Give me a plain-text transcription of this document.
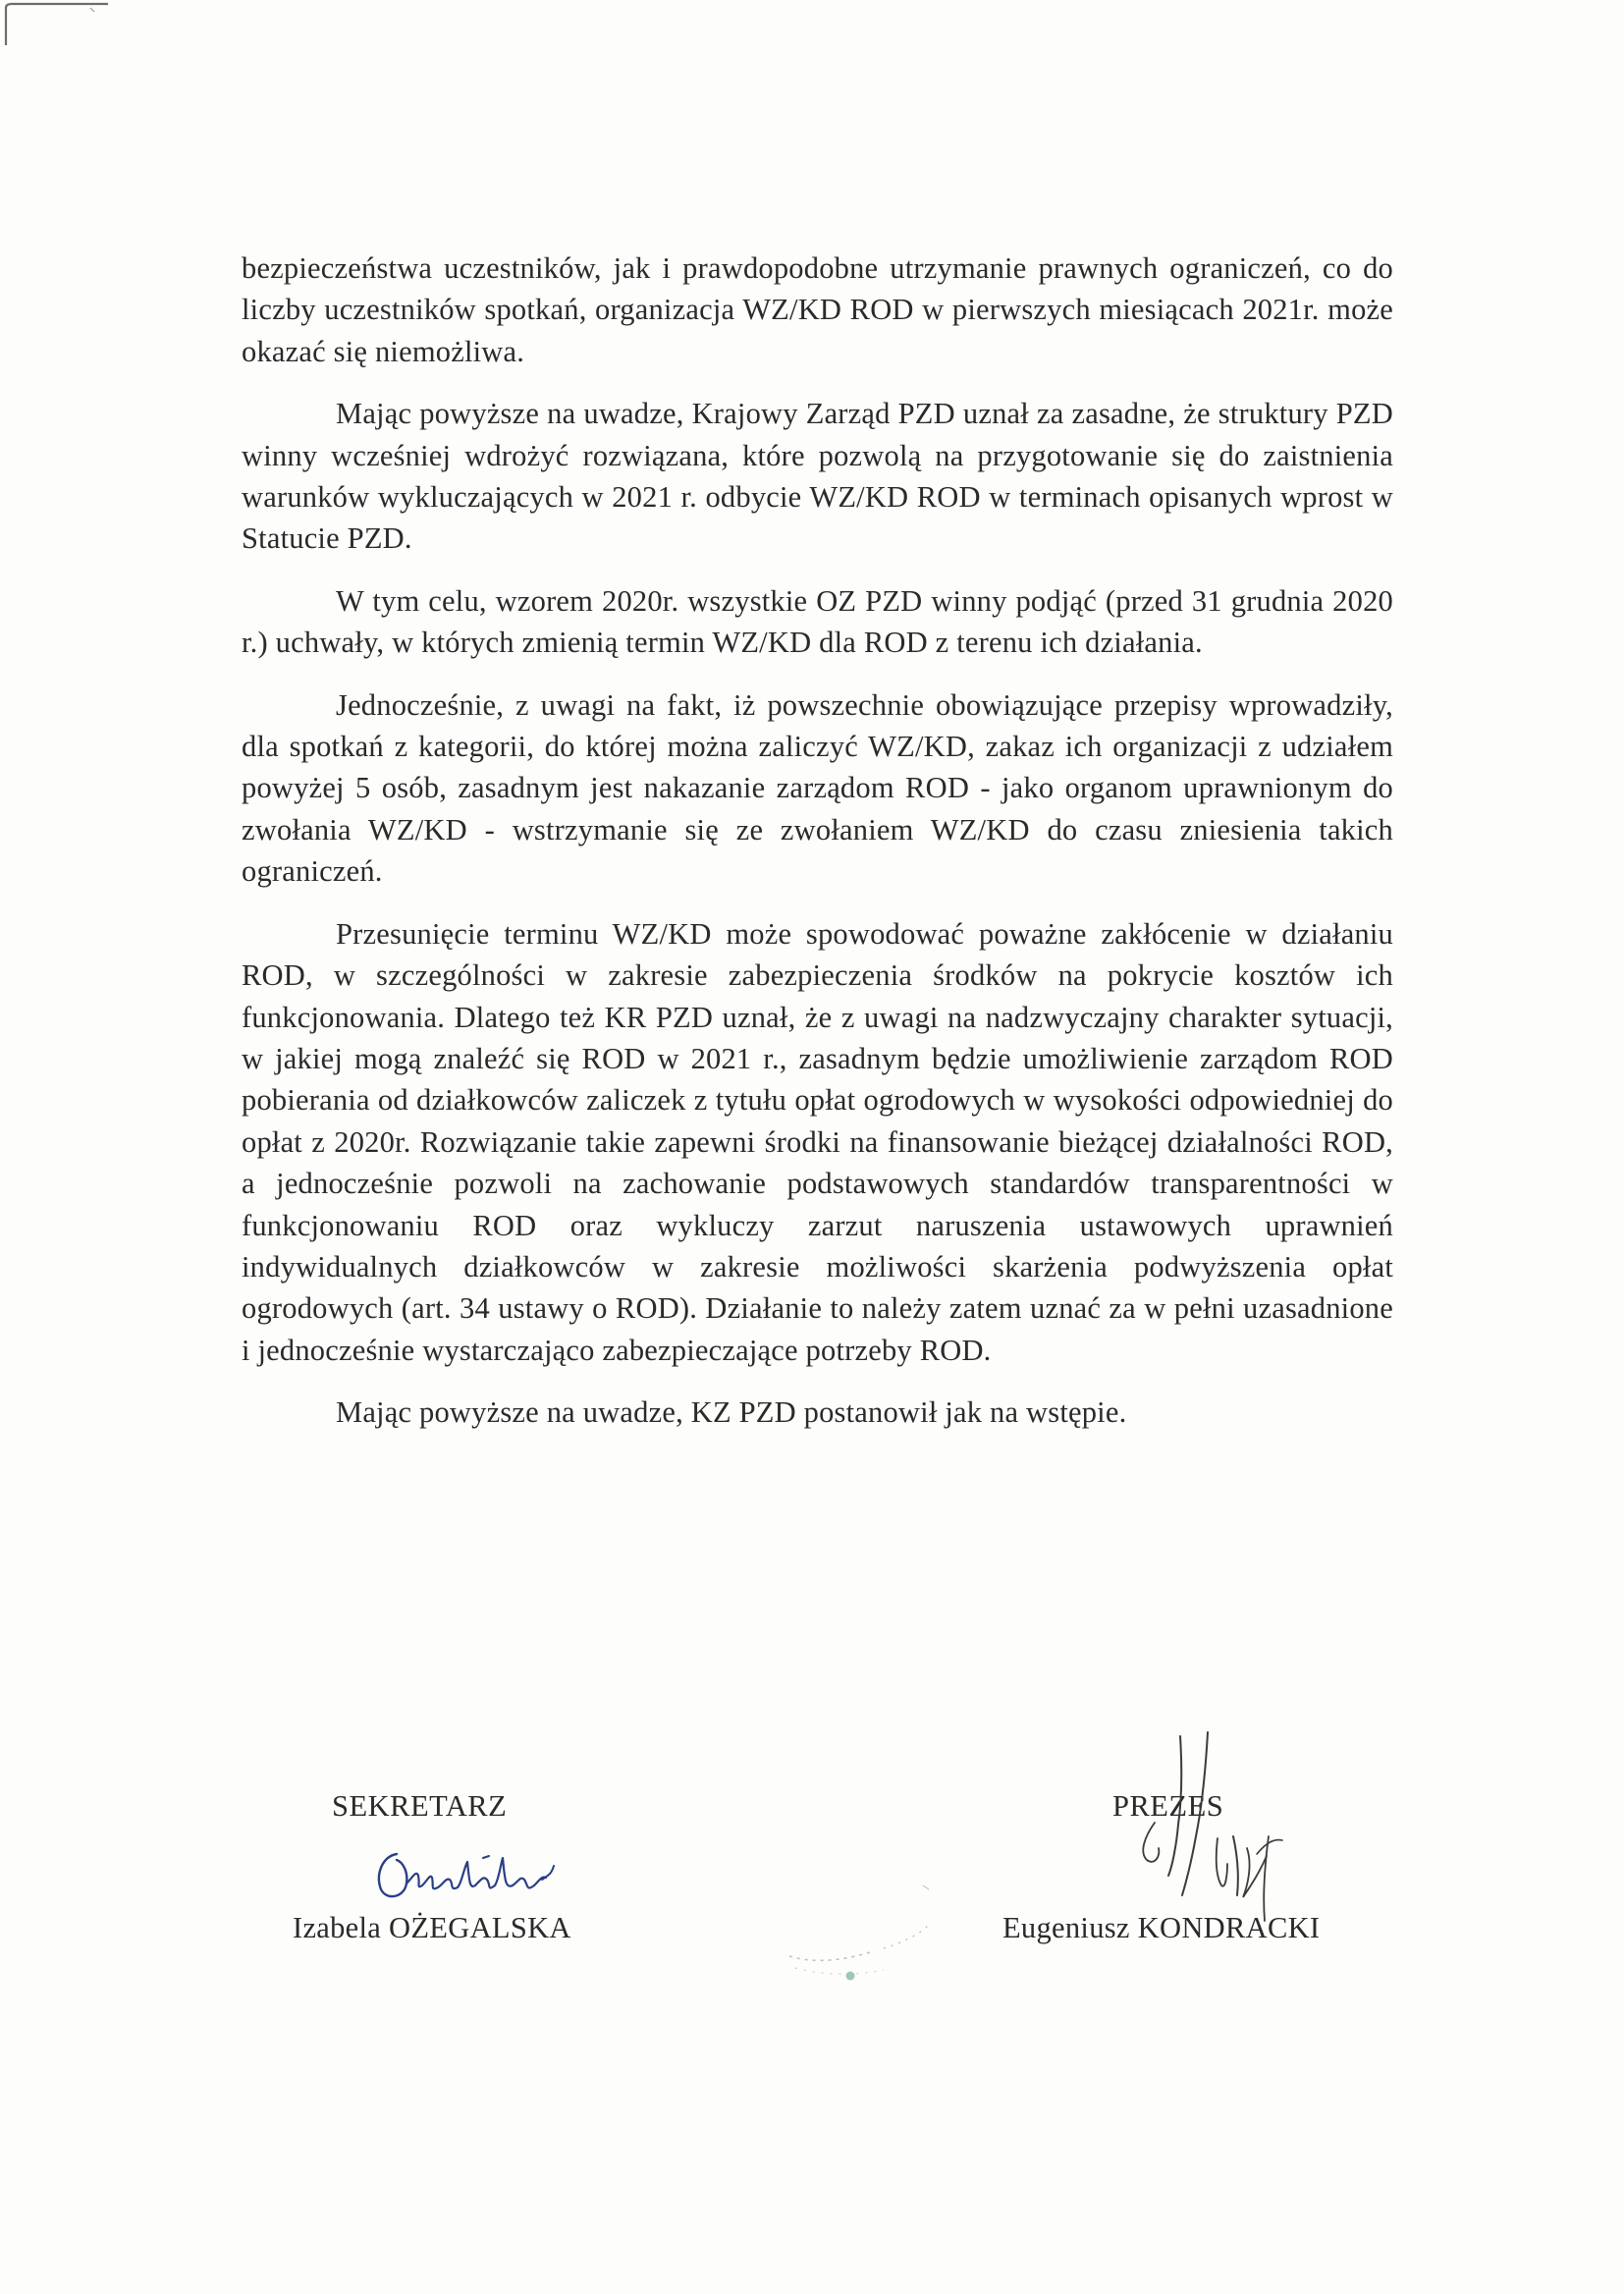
bezpieczeństwa uczestników, jak i prawdopodobne utrzymanie prawnych ograniczeń, co do liczby uczestników spotkań, organizacja WZ/KD ROD w pierwszych miesiącach 2021r. może okazać się niemożliwa.

Mając powyższe na uwadze, Krajowy Zarząd PZD uznał za zasadne, że struktury PZD winny wcześniej wdrożyć rozwiązana, które pozwolą na przygotowanie się do zaistnienia warunków wykluczających w 2021 r. odbycie WZ/KD ROD w terminach opisanych wprost w Statucie PZD.

W tym celu, wzorem 2020r. wszystkie OZ PZD winny podjąć (przed 31 grudnia 2020 r.) uchwały, w których zmienią termin WZ/KD dla ROD z terenu ich działania.

Jednocześnie, z uwagi na fakt, iż powszechnie obowiązujące przepisy wprowadziły, dla spotkań z kategorii, do której można zaliczyć WZ/KD, zakaz ich organizacji z udziałem powyżej 5 osób, zasadnym jest nakazanie zarządom ROD - jako organom uprawnionym do zwołania WZ/KD - wstrzymanie się ze zwołaniem WZ/KD do czasu zniesienia takich ograniczeń.

Przesunięcie terminu WZ/KD może spowodować poważne zakłócenie w działaniu ROD, w szczególności w zakresie zabezpieczenia środków na pokrycie kosztów ich funkcjonowania. Dlatego też KR PZD uznał, że z uwagi na nadzwyczajny charakter sytuacji, w jakiej mogą znaleźć się ROD w 2021 r., zasadnym będzie umożliwienie zarządom ROD pobierania od działkowców zaliczek z tytułu opłat ogrodowych w wysokości odpowiedniej do opłat z 2020r. Rozwiązanie takie zapewni środki na finansowanie bieżącej działalności ROD, a jednocześnie pozwoli na zachowanie podstawowych standardów transparentności w funkcjonowaniu ROD oraz wykluczy zarzut naruszenia ustawowych uprawnień indywidualnych działkowców w zakresie możliwości skarżenia podwyższenia opłat ogrodowych (art. 34 ustawy o ROD). Działanie to należy zatem uznać za w pełni uzasadnione i jednocześnie wystarczająco zabezpieczające potrzeby ROD.

Mając powyższe na uwadze, KZ PZD postanowił jak na wstępie.

SEKRETARZ
Izabela OŻEGALSKA
PREZES
Eugeniusz KONDRACKI
